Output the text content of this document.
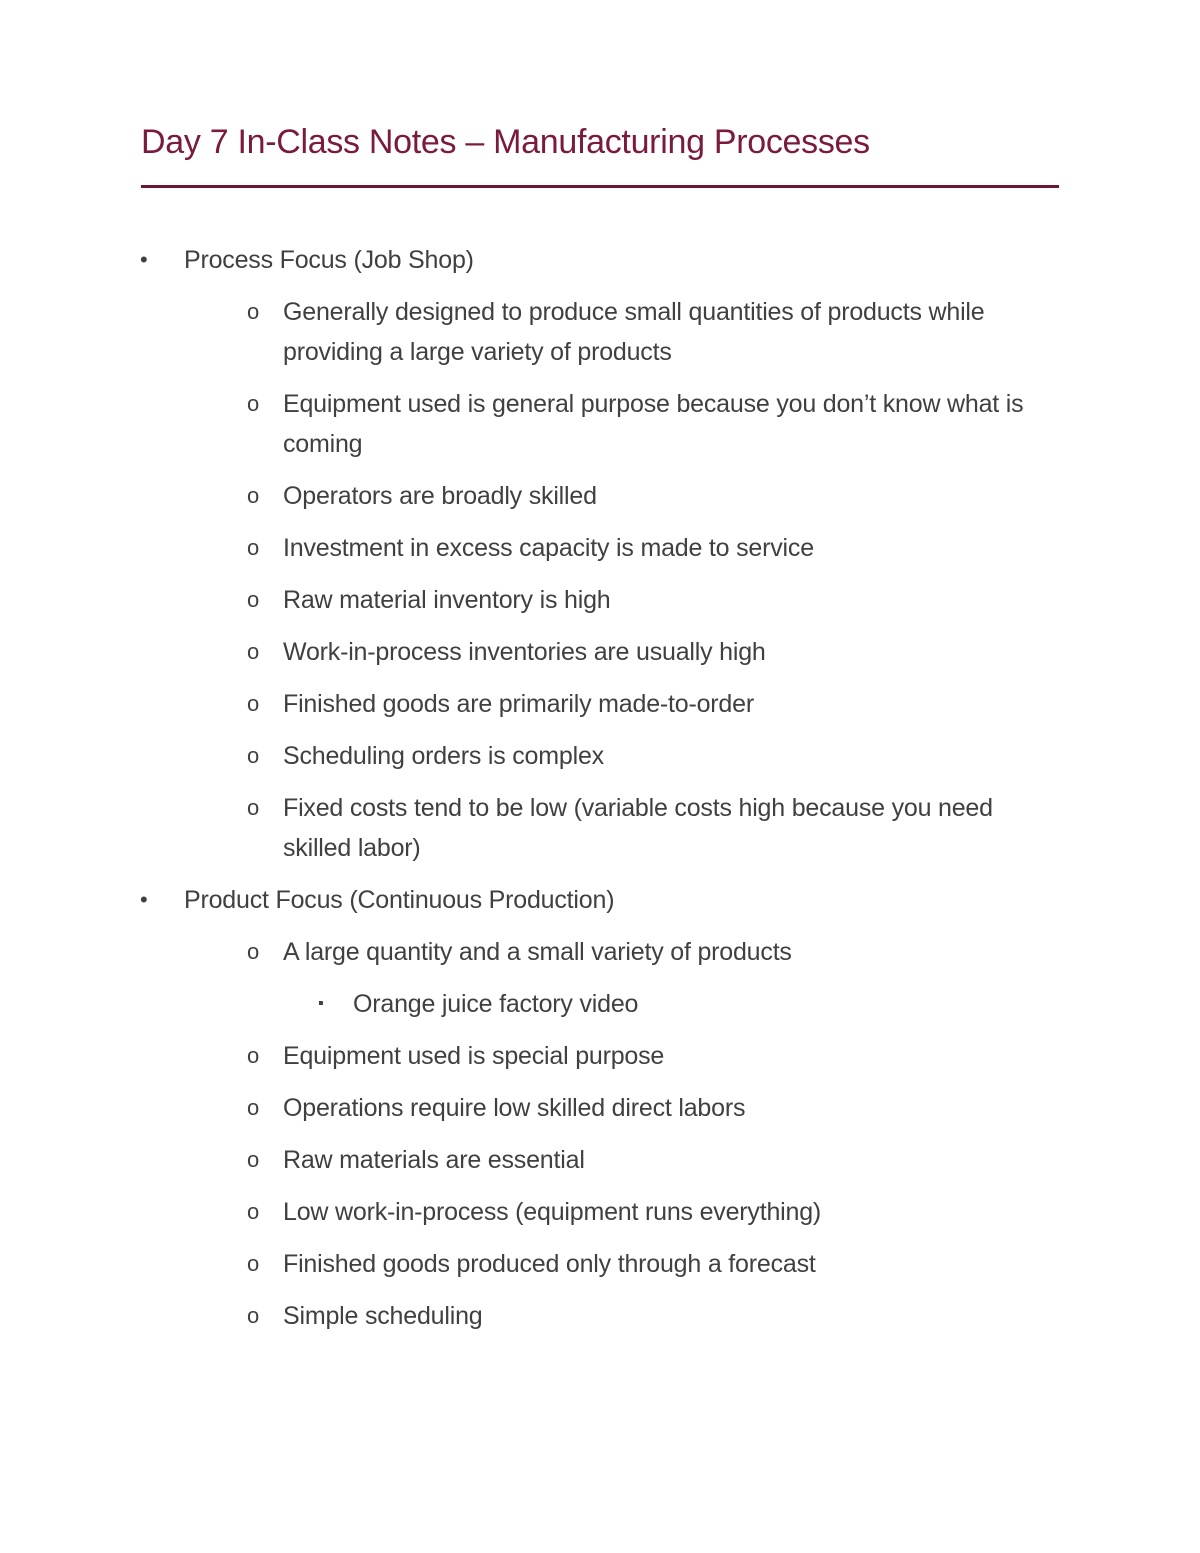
Day 7 In-Class Notes – Manufacturing Processes
• Process Focus (Job Shop)
o Generally designed to produce small quantities of products while providing a large variety of products
o Equipment used is general purpose because you don’t know what is coming
o Operators are broadly skilled
o Investment in excess capacity is made to service
o Raw material inventory is high
o Work-in-process inventories are usually high
o Finished goods are primarily made-to-order
o Scheduling orders is complex
o Fixed costs tend to be low (variable costs high because you need skilled labor)
• Product Focus (Continuous Production)
o A large quantity and a small variety of products
▪ Orange juice factory video
o Equipment used is special purpose
o Operations require low skilled direct labors
o Raw materials are essential
o Low work-in-process (equipment runs everything)
o Finished goods produced only through a forecast
o Simple scheduling
